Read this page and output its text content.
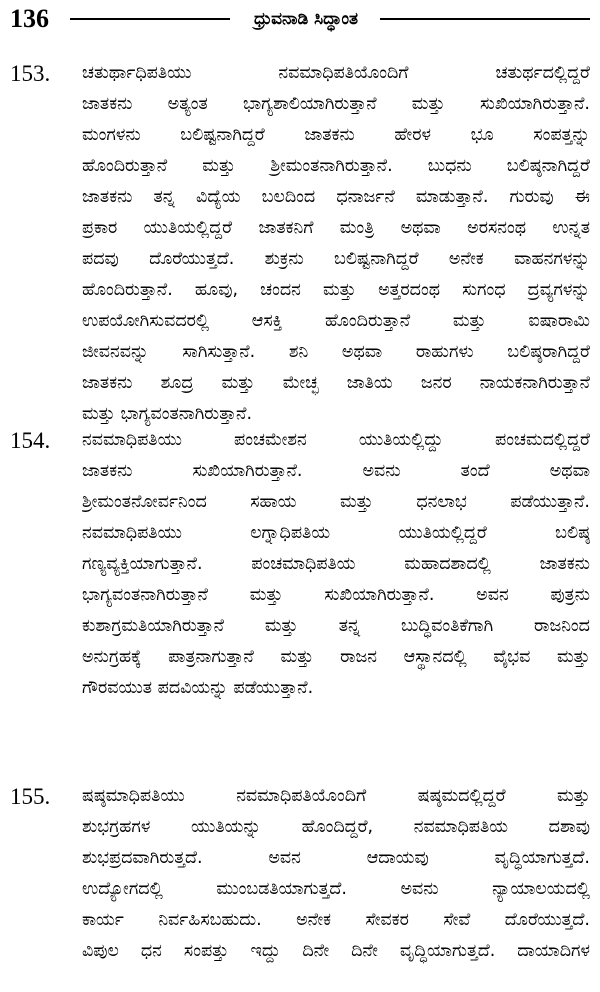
136	ಧ್ರುವನಾಡಿ ಸಿದ್ಧಾಂತ
153. ಚತುರ್ಥಾಧಿಪತಿಯು ನವಮಾಧಿಪತಿಯೊಂದಿಗೆ ಚತುರ್ಥದಲ್ಲಿದ್ದರೆ
ಜಾತಕನು ಅತ್ಯಂತ ಭಾಗ್ಯಶಾಲಿಯಾಗಿರುತ್ತಾನೆ ಮತ್ತು ಸುಖಿಯಾಗಿರುತ್ತಾನೆ.
ಮಂಗಳನು ಬಲಿಷ್ಟನಾಗಿದ್ದರೆ ಜಾತಕನು ಹೇರಳ ಭೂ ಸಂಪತ್ತನ್ನು
ಹೊಂದಿರುತ್ತಾನೆ ಮತ್ತು ಶ್ರೀಮಂತನಾಗಿರುತ್ತಾನೆ. ಬುಧನು ಬಲಿಷ್ಠನಾಗಿದ್ದರೆ
ಜಾತಕನು ತನ್ನ ವಿದ್ಯೆಯ ಬಲದಿಂದ ಧನಾರ್ಜನೆ ಮಾಡುತ್ತಾನೆ. ಗುರುವು ಈ
ಪ್ರಕಾರ ಯುತಿಯಲ್ಲಿದ್ದರೆ ಜಾತಕನಿಗೆ ಮಂತ್ರಿ ಅಥವಾ ಅರಸನಂಥ ಉನ್ನತ
ಪದವು ದೊರೆಯುತ್ತದೆ. ಶುಕ್ರನು ಬಲಿಷ್ಟನಾಗಿದ್ದರೆ ಅನೇಕ ವಾಹನಗಳನ್ನು
ಹೊಂದಿರುತ್ತಾನೆ. ಹೂವು, ಚಂದನ ಮತ್ತು ಅತ್ತರದಂಥ ಸುಗಂಧ ದ್ರವ್ಯಗಳನ್ನು
ಉಪಯೋಗಿಸುವದರಲ್ಲಿ ಆಸಕ್ತಿ ಹೊಂದಿರುತ್ತಾನೆ ಮತ್ತು ಐಷಾರಾಮಿ
ಜೀವನವನ್ನು ಸಾಗಿಸುತ್ತಾನೆ. ಶನಿ ಅಥವಾ ರಾಹುಗಳು ಬಲಿಷ್ಠರಾಗಿದ್ದರೆ
ಜಾತಕನು ಶೂದ್ರ ಮತ್ತು ಮೇಚ್ಛ ಜಾತಿಯ ಜನರ ನಾಯಕನಾಗಿರುತ್ತಾನೆ
ಮತ್ತು ಭಾಗ್ಯವಂತನಾಗಿರುತ್ತಾನೆ.
154. ನವಮಾಧಿಪತಿಯು ಪಂಚಮೇಶನ ಯುತಿಯಲ್ಲಿದ್ದು ಪಂಚಮದಲ್ಲಿದ್ದರೆ
ಜಾತಕನು ಸುಖಿಯಾಗಿರುತ್ತಾನೆ. ಅವನು ತಂದೆ ಅಥವಾ
ಶ್ರೀಮಂತನೋರ್ವನಿಂದ ಸಹಾಯ ಮತ್ತು ಧನಲಾಭ ಪಡೆಯುತ್ತಾನೆ.
ನವಮಾಧಿಪತಿಯು ಲಗ್ನಾಧಿಪತಿಯ ಯುತಿಯಲ್ಲಿದ್ದರೆ ಬಲಿಷ್ಠ
ಗಣ್ಯವ್ಯಕ್ತಿಯಾಗುತ್ತಾನೆ. ಪಂಚಮಾಧಿಪತಿಯ ಮಹಾದಶಾದಲ್ಲಿ ಜಾತಕನು
ಭಾಗ್ಯವಂತನಾಗಿರುತ್ತಾನೆ ಮತ್ತು ಸುಖಿಯಾಗಿರುತ್ತಾನೆ. ಅವನ ಪುತ್ರನು
ಕುಶಾಗ್ರಮತಿಯಾಗಿರುತ್ತಾನೆ ಮತ್ತು ತನ್ನ ಬುದ್ಧಿವಂತಿಕೆಗಾಗಿ ರಾಜನಿಂದ
ಅನುಗ್ರಹಕ್ಕೆ ಪಾತ್ರನಾಗುತ್ತಾನೆ ಮತ್ತು ರಾಜನ ಆಸ್ಥಾನದಲ್ಲಿ ವೈಭವ ಮತ್ತು
ಗೌರವಯುತ ಪದವಿಯನ್ನು ಪಡೆಯುತ್ತಾನೆ.
155. ಷಷ್ಠಮಾಧಿಪತಿಯು ನವಮಾಧಿಪತಿಯೊಂದಿಗೆ ಷಷ್ಠಮದಲ್ಲಿದ್ದರೆ ಮತ್ತು
ಶುಭಗ್ರಹಗಳ ಯುತಿಯನ್ನು ಹೊಂದಿದ್ದರೆ, ನವಮಾಧಿಪತಿಯ ದಶಾವು
ಶುಭಪ್ರದವಾಗಿರುತ್ತದೆ. ಅವನ ಆದಾಯವು ವೃದ್ಧಿಯಾಗುತ್ತದೆ.
ಉದ್ಯೋಗದಲ್ಲಿ ಮುಂಬಡತಿಯಾಗುತ್ತದೆ. ಅವನು ನ್ಯಾಯಾಲಯದಲ್ಲಿ
ಕಾರ್ಯ ನಿರ್ವಹಿಸಬಹುದು. ಅನೇಕ ಸೇವಕರ ಸೇವೆ ದೊರೆಯುತ್ತದೆ.
ವಿಪುಲ ಧನ ಸಂಪತ್ತು ಇದ್ದು ದಿನೇ ದಿನೇ ವೃದ್ಧಿಯಾಗುತ್ತದೆ. ದಾಯಾದಿಗಳ
